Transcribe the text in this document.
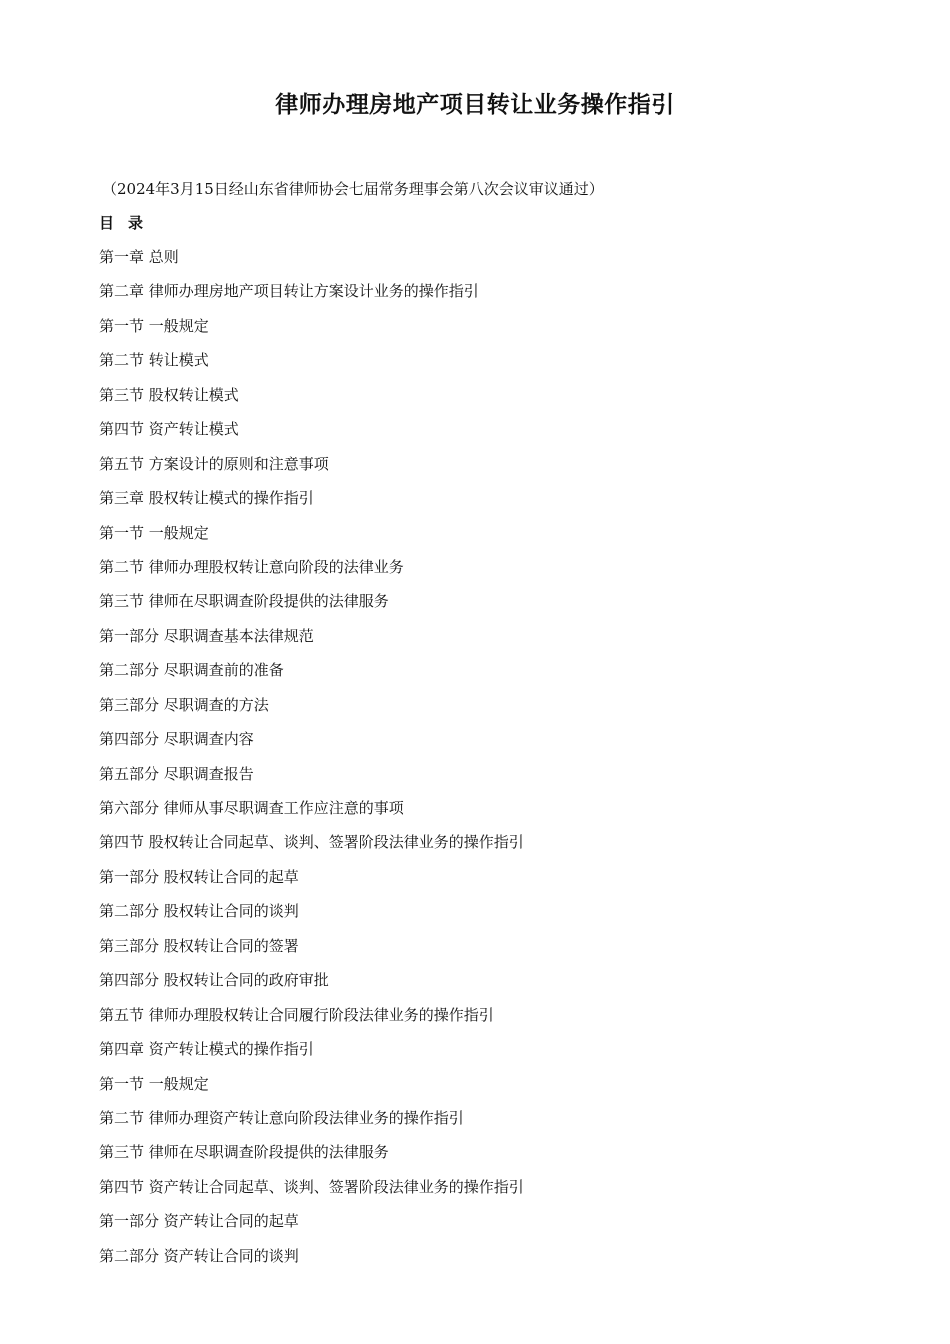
律师办理房地产项目转让业务操作指引

（2024年3月15日经山东省律师协会七届常务理事会第八次会议审议通过）

目录

第一章 总则
第二章 律师办理房地产项目转让方案设计业务的操作指引
第一节 一般规定
第二节 转让模式
第三节 股权转让模式
第四节 资产转让模式
第五节 方案设计的原则和注意事项
第三章 股权转让模式的操作指引
第一节 一般规定
第二节 律师办理股权转让意向阶段的法律业务
第三节 律师在尽职调查阶段提供的法律服务
第一部分 尽职调查基本法律规范
第二部分 尽职调查前的准备
第三部分 尽职调查的方法
第四部分 尽职调查内容
第五部分 尽职调查报告
第六部分 律师从事尽职调查工作应注意的事项
第四节 股权转让合同起草、谈判、签署阶段法律业务的操作指引
第一部分 股权转让合同的起草
第二部分 股权转让合同的谈判
第三部分 股权转让合同的签署
第四部分 股权转让合同的政府审批
第五节 律师办理股权转让合同履行阶段法律业务的操作指引
第四章 资产转让模式的操作指引
第一节 一般规定
第二节 律师办理资产转让意向阶段法律业务的操作指引
第三节 律师在尽职调查阶段提供的法律服务
第四节 资产转让合同起草、谈判、签署阶段法律业务的操作指引
第一部分 资产转让合同的起草
第二部分 资产转让合同的谈判
